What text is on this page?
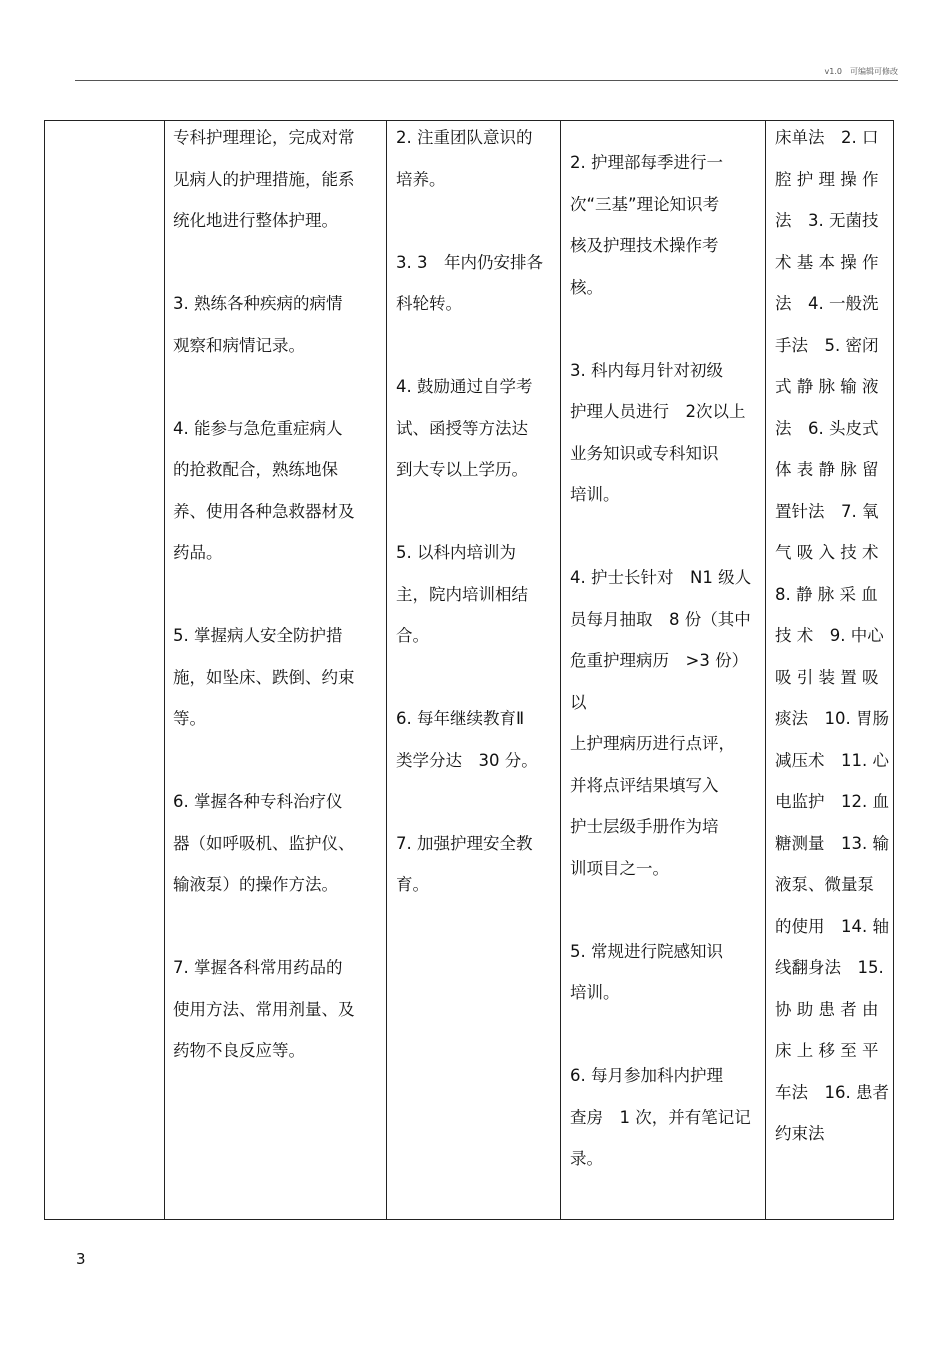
v1.0　可编辑可修改
专科护理理论，完成对常
见病人的护理措施，能系
统化地进行整体护理。

3. 熟练各种疾病的病情
观察和病情记录。

4. 能参与急危重症病人
的抢救配合，熟练地保
养、使用各种急救器材及
药品。

5. 掌握病人安全防护措
施，如坠床、跌倒、约束
等。

6. 掌握各种专科治疗仪
器（如呼吸机、监护仪、
输液泵）的操作方法。

7. 掌握各科常用药品的
使用方法、常用剂量、及
药物不良反应等。
2. 注重团队意识的
培养。

3. 3　年内仍安排各
科轮转。

4. 鼓励通过自学考
试、函授等方法达
到大专以上学历。

5. 以科内培训为
主，院内培训相结
合。

6. 每年继续教育Ⅱ
类学分达　30 分。

7. 加强护理安全教
育。
2. 护理部每季进行一
次“三基”理论知识考
核及护理技术操作考
核。

3. 科内每月针对初级
护理人员进行　2次以上
业务知识或专科知识
培训。

4. 护士长针对　N1 级人
员每月抽取　8 份（其中
危重护理病历　>3 份）以
上护理病历进行点评，
并将点评结果填写入
护士层级手册作为培
训项目之一。

5. 常规进行院感知识
培训。

6. 每月参加科内护理
查房　1 次，并有笔记记
录。
床单法　2. 口
腔 护 理 操 作
法　3. 无菌技
术 基 本 操 作
法　4. 一般洗
手法　5. 密闭
式 静 脉 输 液
法　6. 头皮式
体 表 静 脉 留
置针法　7. 氧
气 吸 入 技 术
8. 静 脉 采 血
技 术　9. 中心
吸 引 装 置 吸
痰法　10. 胃肠
减压术　11. 心
电监护　12. 血
糖测量　13. 输
液泵、微量泵
的使用　14. 轴
线翻身法　15.
协 助 患 者 由
床 上 移 至 平
车法　16. 患者
约束法
3
